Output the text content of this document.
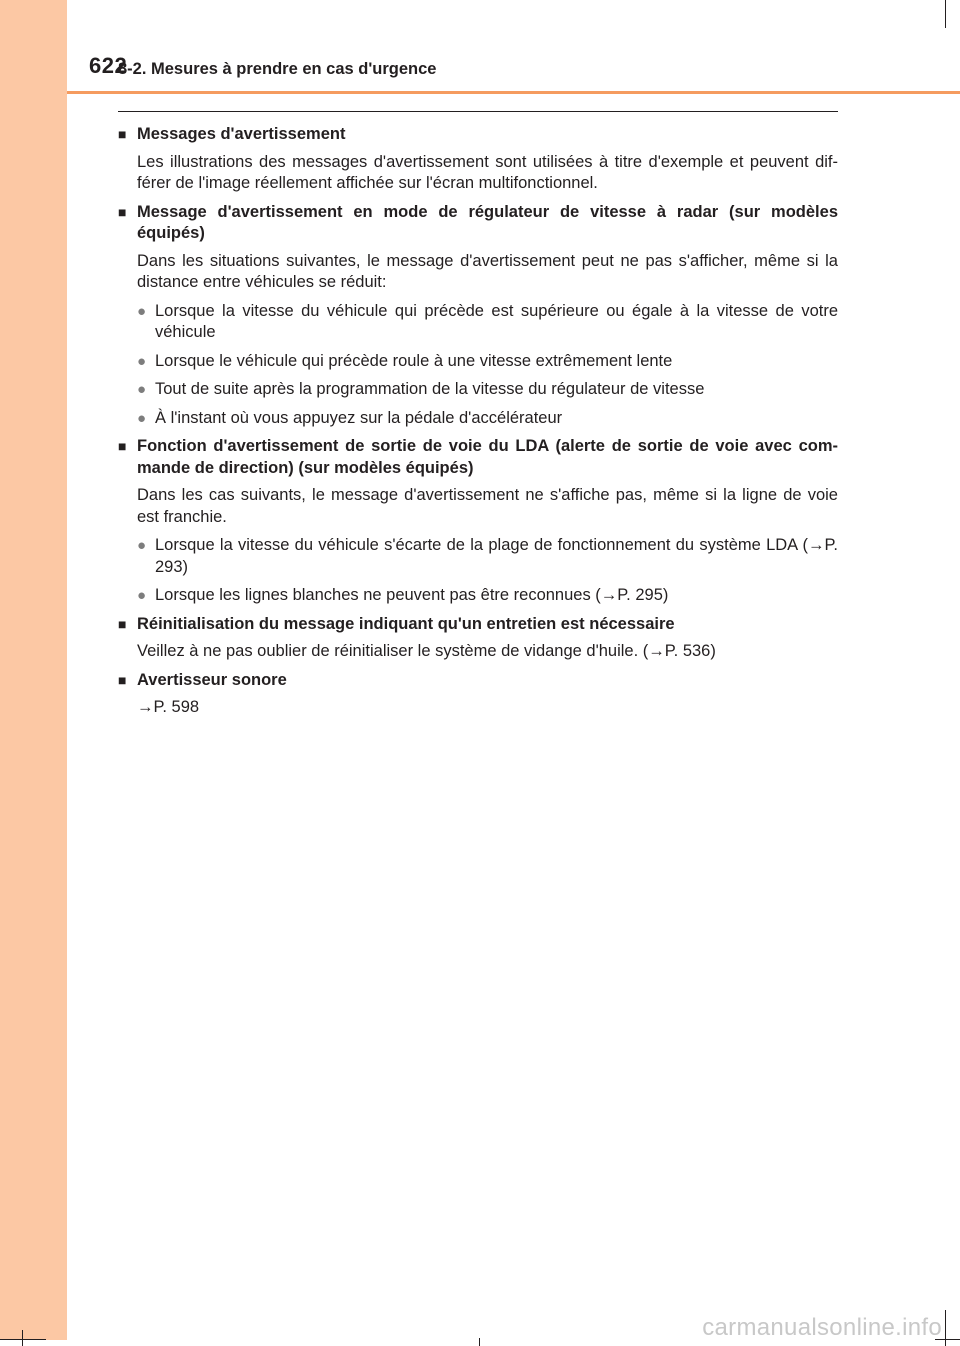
622
8-2. Mesures à prendre en cas d'urgence
■ Messages d'avertissement
Les illustrations des messages d'avertissement sont utilisées à titre d'exemple et peuvent dif-férer de l'image réellement affichée sur l'écran multifonctionnel.
■ Message d'avertissement en mode de régulateur de vitesse à radar (sur modèles équipés)
Dans les situations suivantes, le message d'avertissement peut ne pas s'afficher, même si la distance entre véhicules se réduit:
● Lorsque la vitesse du véhicule qui précède est supérieure ou égale à la vitesse de votre véhicule
● Lorsque le véhicule qui précède roule à une vitesse extrêmement lente
● Tout de suite après la programmation de la vitesse du régulateur de vitesse
● À l'instant où vous appuyez sur la pédale d'accélérateur
■ Fonction d'avertissement de sortie de voie du LDA (alerte de sortie de voie avec com-mande de direction) (sur modèles équipés)
Dans les cas suivants, le message d'avertissement ne s'affiche pas, même si la ligne de voie est franchie.
● Lorsque la vitesse du véhicule s'écarte de la plage de fonctionnement du système LDA (→P. 293)
● Lorsque les lignes blanches ne peuvent pas être reconnues (→P. 295)
■ Réinitialisation du message indiquant qu'un entretien est nécessaire
Veillez à ne pas oublier de réinitialiser le système de vidange d'huile. (→P. 536)
■ Avertisseur sonore
→P. 598
carmanualsonline.info
